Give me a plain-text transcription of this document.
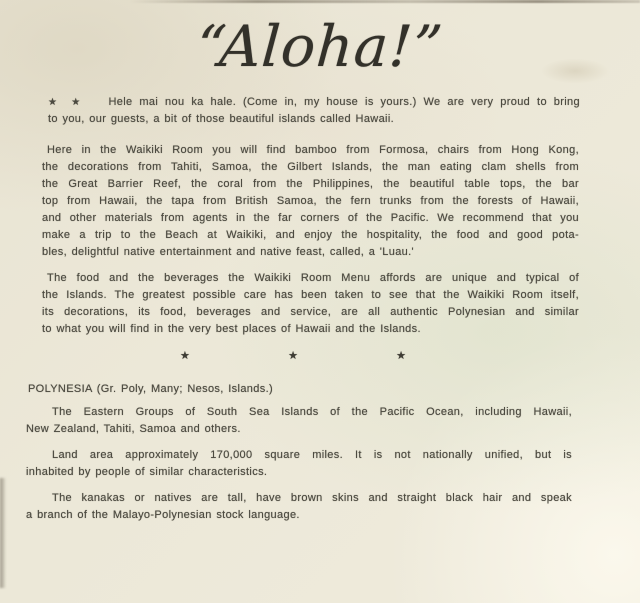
“Aloha!”
★★ Hele mai nou ka hale. (Come in, my house is yours.) We are very proud to bring
to you, our guests, a bit of those beautiful islands called Hawaii.
Here in the Waikiki Room you will find bamboo from Formosa, chairs from Hong Kong,
the decorations from Tahiti, Samoa, the Gilbert Islands, the man eating clam shells from
the Great Barrier Reef, the coral from the Philippines, the beautiful table tops, the bar
top from Hawaii, the tapa from British Samoa, the fern trunks from the forests of Hawaii,
and other materials from agents in the far corners of the Pacific. We recommend that you
make a trip to the Beach at Waikiki, and enjoy the hospitality, the food and good pota-
bles, delightful native entertainment and native feast, called, a 'Luau.'
The food and the beverages the Waikiki Room Menu affords are unique and typical of
the Islands. The greatest possible care has been taken to see that the Waikiki Room itself,
its decorations, its food, beverages and service, are all authentic Polynesian and similar
to what you will find in the very best places of Hawaii and the Islands.
★	★	★
POLYNESIA (Gr. Poly, Many; Nesos, Islands.)
The Eastern Groups of South Sea Islands of the Pacific Ocean, including Hawaii,
New Zealand, Tahiti, Samoa and others.
Land area approximately 170,000 square miles. It is not nationally unified, but is
inhabited by people of similar characteristics.
The kanakas or natives are tall, have brown skins and straight black hair and speak
a branch of the Malayo-Polynesian stock language.
